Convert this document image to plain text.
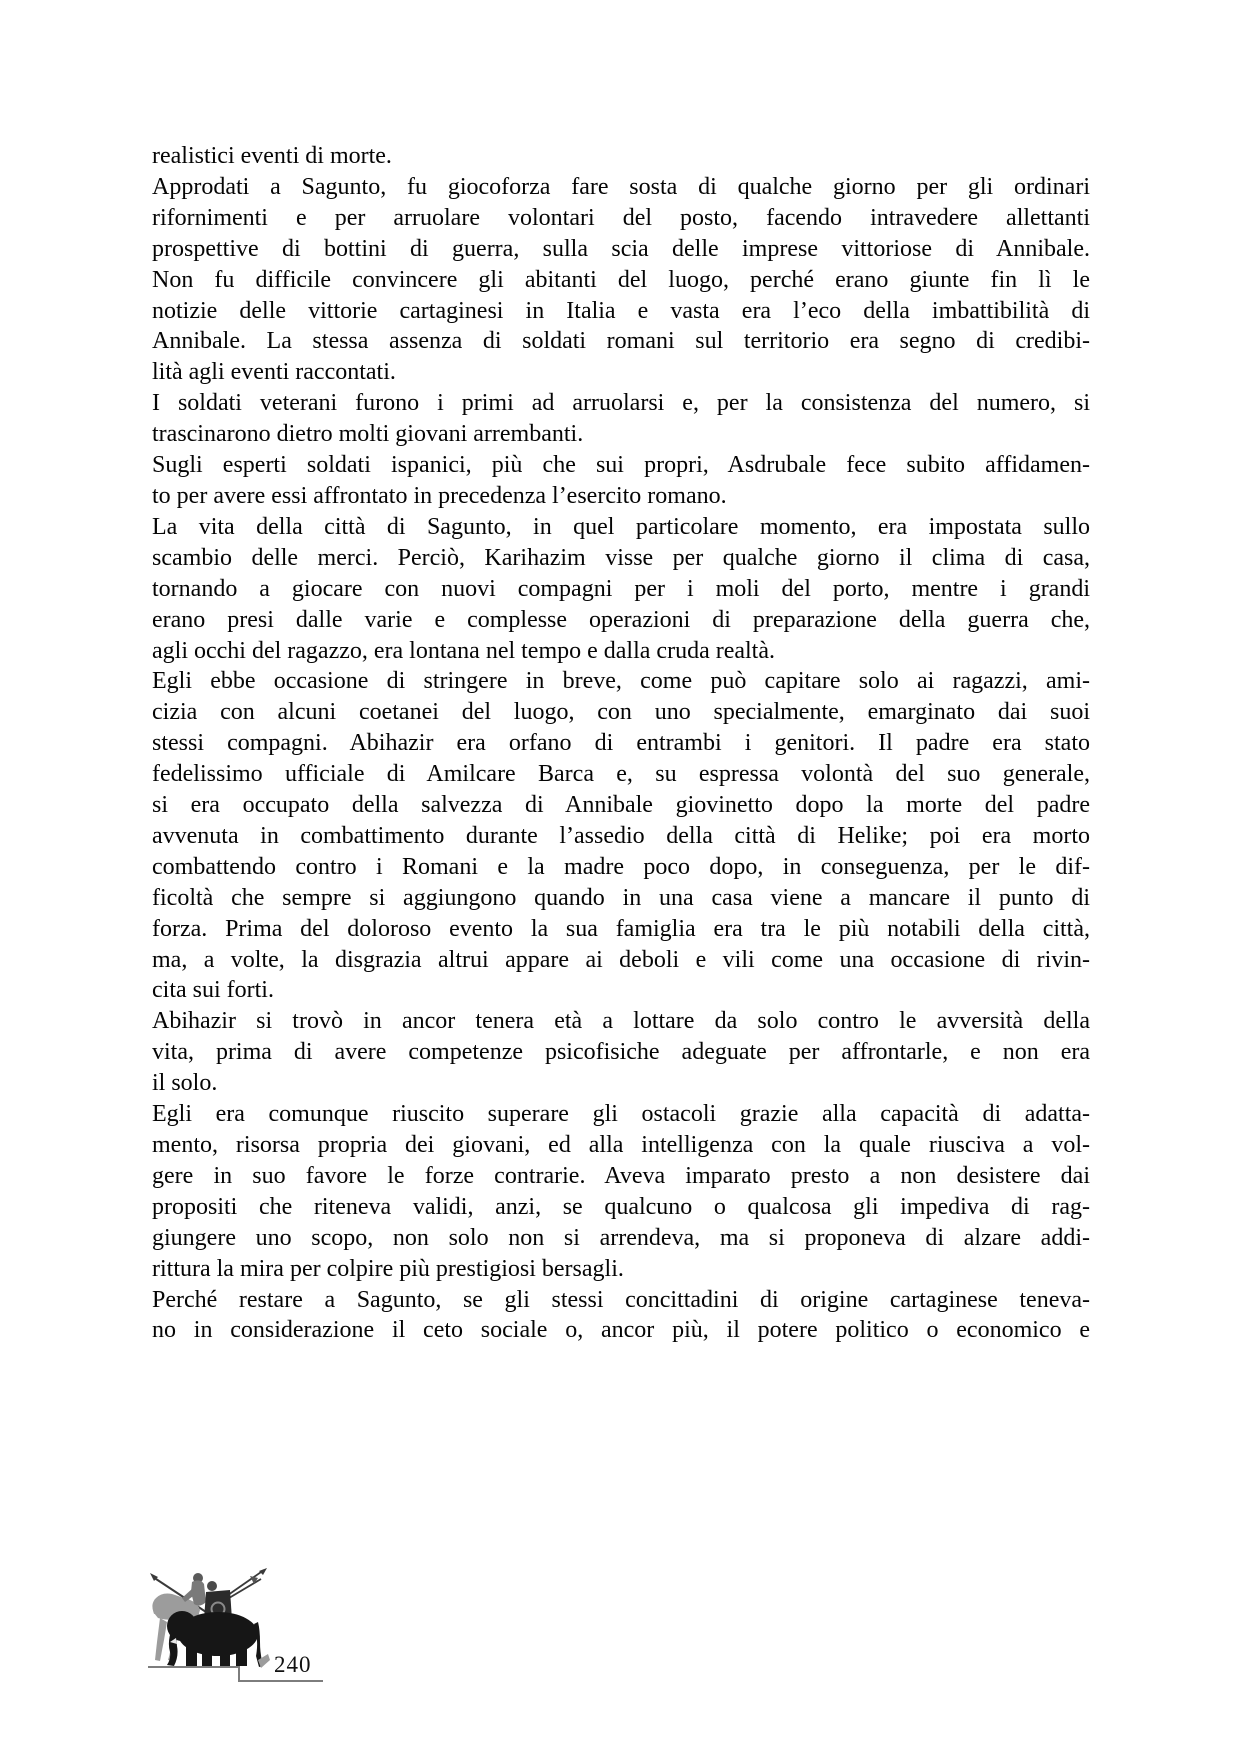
realistici eventi di morte.
Approdati a Sagunto, fu giocoforza fare sosta di qualche giorno per gli ordinari
rifornimenti e per arruolare volontari del posto, facendo intravedere allettanti
prospettive di bottini di guerra, sulla scia delle imprese vittoriose di Annibale.
Non fu difficile convincere gli abitanti del luogo, perché erano giunte fin lì le
notizie delle vittorie cartaginesi in Italia e vasta era l’eco della imbattibilità di
Annibale. La stessa assenza di soldati romani sul territorio era segno di credibi-
lità agli eventi raccontati.
I soldati veterani furono i primi ad arruolarsi e, per la consistenza del numero, si
trascinarono dietro molti giovani arrembanti.
Sugli esperti soldati ispanici, più che sui propri, Asdrubale fece subito affidamen-
to per avere essi affrontato in precedenza l’esercito romano.
La vita della città di Sagunto, in quel particolare momento, era impostata sullo
scambio delle merci. Perciò, Karihazim visse per qualche giorno il clima di casa,
tornando a giocare con nuovi compagni per i moli del porto, mentre i grandi
erano presi dalle varie e complesse operazioni di preparazione della guerra che,
agli occhi del ragazzo, era lontana nel tempo e dalla cruda realtà.
Egli ebbe occasione di stringere in breve, come può capitare solo ai ragazzi, ami-
cizia con alcuni coetanei del luogo, con uno specialmente, emarginato dai suoi
stessi compagni. Abihazir era orfano di entrambi i genitori. Il padre era stato
fedelissimo ufficiale di Amilcare Barca e, su espressa volontà del suo generale,
si era occupato della salvezza di Annibale giovinetto dopo la morte del padre
avvenuta in combattimento durante l’assedio della città di Helike; poi era morto
combattendo contro i Romani e la madre poco dopo, in conseguenza, per le dif-
ficoltà che sempre si aggiungono quando in una casa viene a mancare il punto di
forza. Prima del doloroso evento la sua famiglia era tra le più notabili della città,
ma, a volte, la disgrazia altrui appare ai deboli e vili come una occasione di rivin-
cita sui forti.
Abihazir si trovò in ancor tenera età a lottare da solo contro le avversità della
vita, prima di avere competenze psicofisiche adeguate per affrontarle, e non era
il solo.
Egli era comunque riuscito superare gli ostacoli grazie alla capacità di adatta-
mento, risorsa propria dei giovani, ed alla intelligenza con la quale riusciva a vol-
gere in suo favore le forze contrarie. Aveva imparato presto a non desistere dai
propositi che riteneva validi, anzi, se qualcuno o qualcosa gli impediva di rag-
giungere uno scopo, non solo non si arrendeva, ma si proponeva di alzare addi-
rittura la mira per colpire più prestigiosi bersagli.
Perché restare a Sagunto, se gli stessi concittadini di origine cartaginese teneva-
no in considerazione il ceto sociale o, ancor più, il potere politico o economico e
240
